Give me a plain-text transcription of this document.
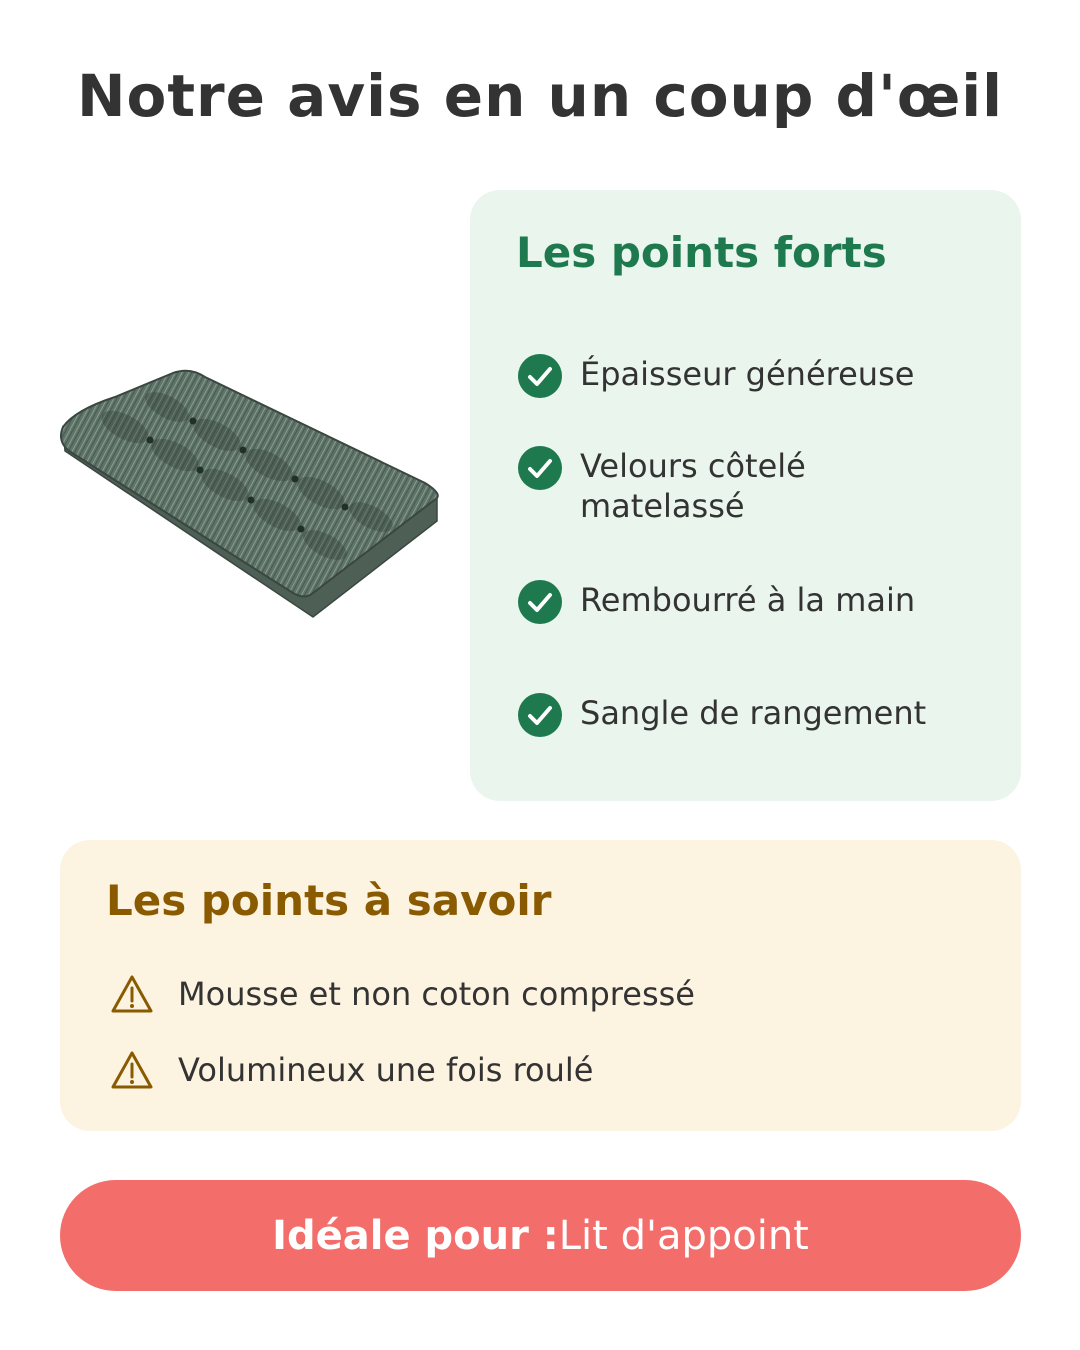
Notre avis en un coup d'œil
Les points forts
Épaisseur généreuse
Velours côtelé matelassé
Rembourré à la main
Sangle de rangement
Les points à savoir
Mousse et non coton compressé
Volumineux une fois roulé
Idéale pour : Lit d'appoint
